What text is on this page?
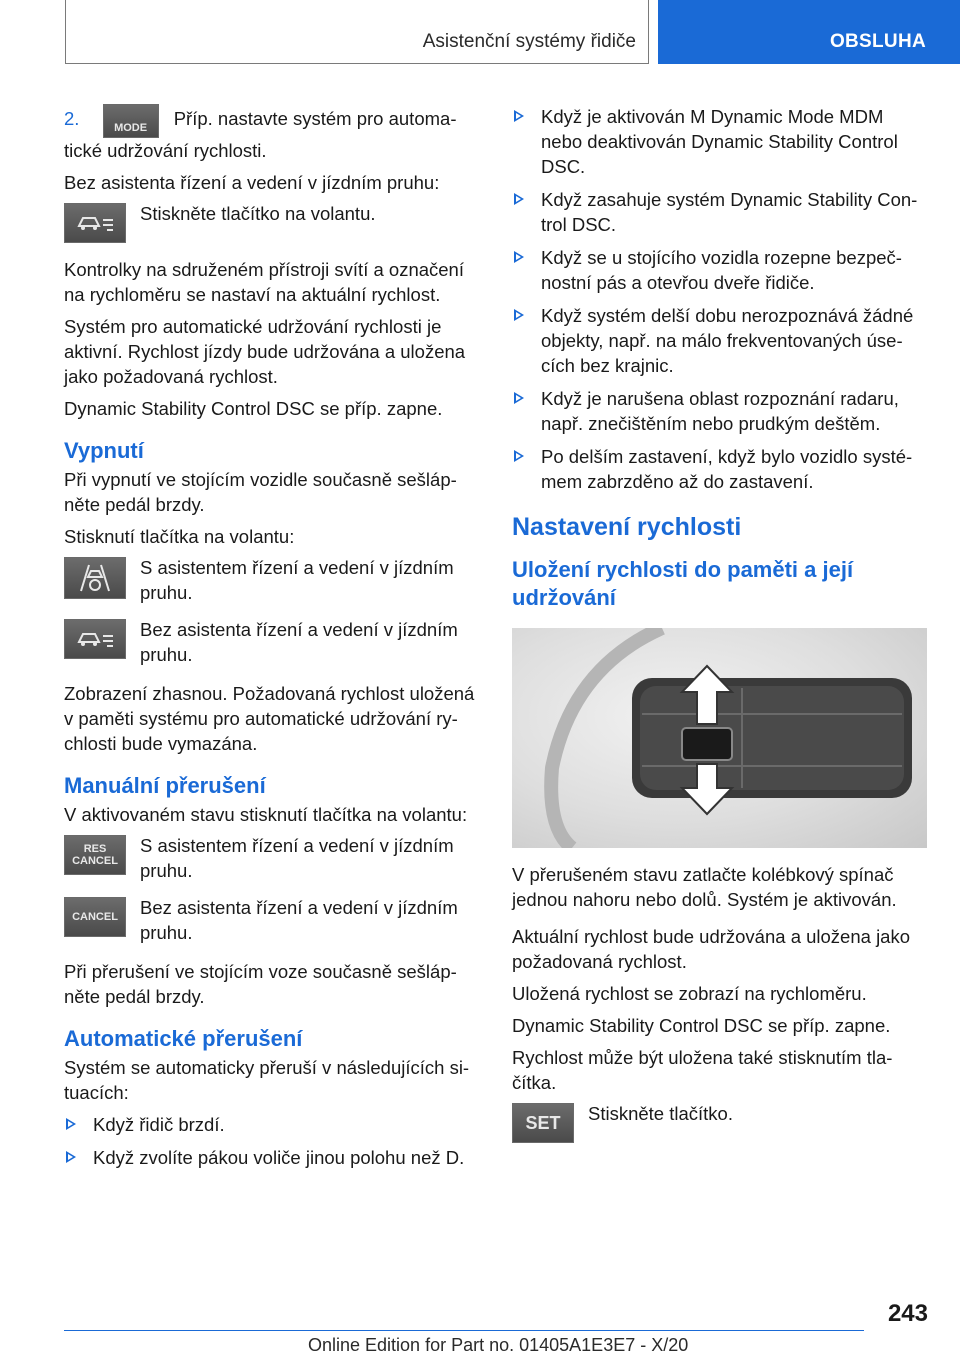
Asistenční systémy řidiče	OBSLUHA
2.	MODE Příp. nastavte systém pro automa-
tické udržování rychlosti.

Bez asistenta řízení a vedení v jízdním pruhu:

Stiskněte tlačítko na volantu.

Kontrolky na sdruženém přístroji svítí a označení na rychloměru se nastaví na aktuální rychlost.

Systém pro automatické udržování rychlosti je aktivní. Rychlost jízdy bude udržována a uložena jako požadovaná rychlost.

Dynamic Stability Control DSC se příp. zapne.

Vypnutí

Při vypnutí ve stojícím vozidle současně sešláp-něte pedál brzdy.

Stisknutí tlačítka na volantu:

S asistentem řízení a vedení v jízdním pruhu.
Bez asistenta řízení a vedení v jízdním pruhu.

Zobrazení zhasnou. Požadovaná rychlost uložená v paměti systému pro automatické udržování ry-chlosti bude vymazána.

Manuální přerušení

V aktivovaném stavu stisknutí tlačítka na volantu:

RES
CANCEL
S asistentem řízení a vedení v jízdním pruhu.
CANCEL Bez asistenta řízení a vedení v jízdním pruhu.

Při přerušení ve stojícím voze současně sešláp-něte pedál brzdy.

Automatické přerušení

Systém se automaticky přeruší v následujících si-tuacích:

Když řidič brzdí.
Když zvolíte pákou voliče jinou polohu než D.
Když je aktivován M Dynamic Mode MDM nebo deaktivován Dynamic Stability Control DSC.
Když zasahuje systém Dynamic Stability Con-trol DSC.
Když se u stojícího vozidla rozepne bezpeč-nostní pás a otevřou dveře řidiče.
Když systém delší dobu nerozpoznává žádné objekty, např. na málo frekventovaných úse-cích bez krajnic.
Když je narušena oblast rozpoznání radaru, např. znečištěním nebo prudkým deštěm.
Po delším zastavení, když bylo vozidlo systé-mem zabrzděno až do zastavení.
Nastavení rychlosti
Uložení rychlosti do paměti a její udržování

V přerušeném stavu zatlačte kolébkový spínač jednou nahoru nebo dolů. Systém je aktivován.

Aktuální rychlost bude udržována a uložena jako požadovaná rychlost.

Uložená rychlost se zobrazí na rychloměru.

Dynamic Stability Control DSC se příp. zapne.

Rychlost může být uložena také stisknutím tla-čítka.

SET Stiskněte tlačítko.
243
Online Edition for Part no. 01405A1E3E7 - X/20
